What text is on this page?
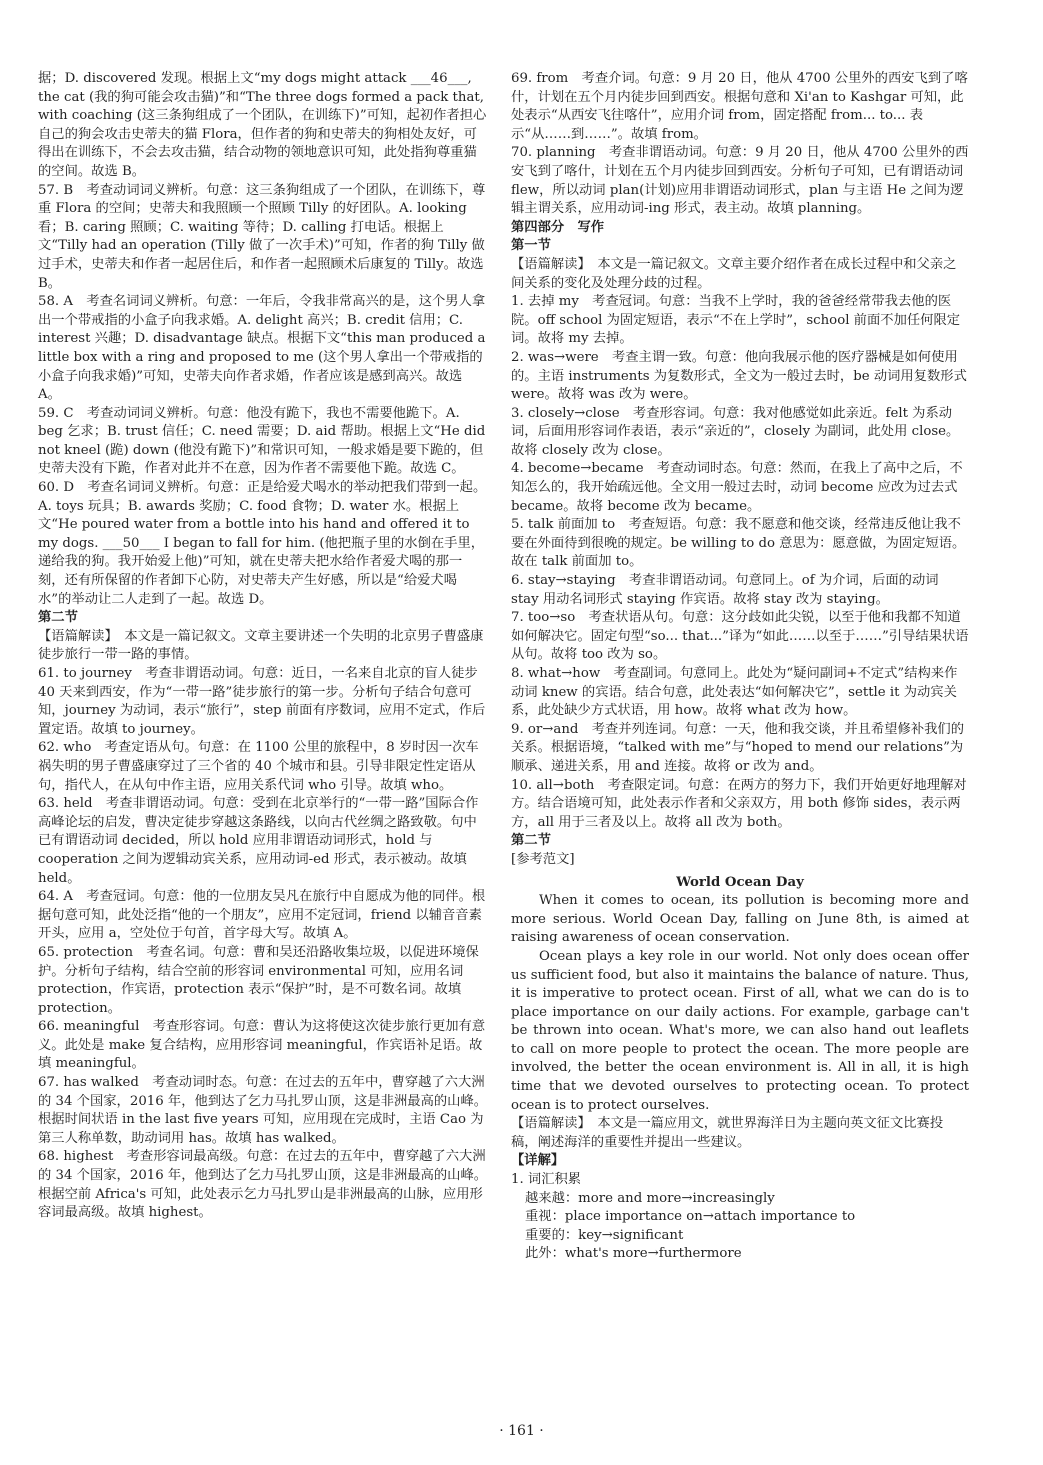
据；D. discovered 发现。根据上文“my dogs might attack ___46___, the cat (我的狗可能会攻击猫)”和“The three dogs formed a pack that, with coaching (这三条狗组成了一个团队，在训练下)”可知，起初作者担心自己的狗会攻击史蒂夫的猫 Flora，但作者的狗和史蒂夫的狗相处友好，可得出在训练下，不会去攻击猫，结合动物的领地意识可知，此处指狗尊重猫的空间。故选 B。

57. B　考查动词词义辨析。句意：这三条狗组成了一个团队，在训练下，尊重 Flora 的空间；史蒂夫和我照顾一个照顾 Tilly 的好团队。A. looking 看；B. caring 照顾；C. waiting 等待；D. calling 打电话。根据上文“Tilly had an operation (Tilly 做了一次手术)”可知，作者的狗 Tilly 做过手术，史蒂夫和作者一起居住后，和作者一起照顾术后康复的 Tilly。故选 B。

58. A　考查名词词义辨析。句意：一年后，令我非常高兴的是，这个男人拿出一个带戒指的小盒子向我求婚。A. delight 高兴；B. credit 信用；C. interest 兴趣；D. disadvantage 缺点。根据下文“this man produced a little box with a ring and proposed to me (这个男人拿出一个带戒指的小盒子向我求婚)”可知，史蒂夫向作者求婚，作者应该是感到高兴。故选 A。

59. C　考查动词词义辨析。句意：他没有跪下，我也不需要他跪下。A. beg 乞求；B. trust 信任；C. need 需要；D. aid 帮助。根据上文“He did not kneel (跪) down (他没有跪下)”和常识可知，一般求婚是要下跪的，但史蒂夫没有下跪，作者对此并不在意，因为作者不需要他下跪。故选 C。

60. D　考查名词词义辨析。句意：正是给爱犬喝水的举动把我们带到一起。A. toys 玩具；B. awards 奖励；C. food 食物；D. water 水。根据上文“He poured water from a bottle into his hand and offered it to my dogs. ___50___ I began to fall for him. (他把瓶子里的水倒在手里，递给我的狗。我开始爱上他)”可知，就在史蒂夫把水给作者爱犬喝的那一刻，还有所保留的作者卸下心防，对史蒂夫产生好感，所以是“给爱犬喝水”的举动让二人走到了一起。故选 D。

第二节

【语篇解读】　本文是一篇记叙文。文章主要讲述一个失明的北京男子曹盛康徒步旅行一带一路的事情。

61. to journey　考查非谓语动词。句意：近日，一名来自北京的盲人徒步 40 天来到西安，作为“一带一路”徒步旅行的第一步。分析句子结合句意可知，journey 为动词，表示“旅行”，step 前面有序数词，应用不定式，作后置定语。故填 to journey。

62. who　考查定语从句。句意：在 1100 公里的旅程中，8 岁时因一次车祸失明的男子曹盛康穿过了三个省的 40 个城市和县。引导非限定性定语从句，指代人，在从句中作主语，应用关系代词 who 引导。故填 who。

63. held　考查非谓语动词。句意：受到在北京举行的“一带一路”国际合作高峰论坛的启发，曹决定徒步穿越这条路线，以向古代丝绸之路致敬。句中已有谓语动词 decided，所以 hold 应用非谓语动词形式，hold 与 cooperation 之间为逻辑动宾关系，应用动词-ed 形式，表示被动。故填 held。

64. A　考查冠词。句意：他的一位朋友吴凡在旅行中自愿成为他的同伴。根据句意可知，此处泛指“他的一个朋友”，应用不定冠词，friend 以辅音音素开头，应用 a，空处位于句首，首字母大写。故填 A。

65. protection　考查名词。句意：曹和吴还沿路收集垃圾，以促进环境保护。分析句子结构，结合空前的形容词 environmental 可知，应用名词 protection，作宾语，protection 表示“保护”时，是不可数名词。故填 protection。

66. meaningful　考查形容词。句意：曹认为这将使这次徒步旅行更加有意义。此处是 make 复合结构，应用形容词 meaningful，作宾语补足语。故填 meaningful。

67. has walked　考查动词时态。句意：在过去的五年中，曹穿越了六大洲的 34 个国家，2016 年，他到达了乞力马扎罗山顶，这是非洲最高的山峰。根据时间状语 in the last five years 可知，应用现在完成时，主语 Cao 为第三人称单数，助动词用 has。故填 has walked。

68. highest　考查形容词最高级。句意：在过去的五年中，曹穿越了六大洲的 34 个国家，2016 年，他到达了乞力马扎罗山顶，这是非洲最高的山峰。根据空前 Africa's 可知，此处表示乞力马扎罗山是非洲最高的山脉，应用形容词最高级。故填 highest。

69. from　考查介词。句意：9 月 20 日，他从 4700 公里外的西安飞到了喀什，计划在五个月内徒步回到西安。根据句意和 Xi'an to Kashgar 可知，此处表示“从西安飞往喀什”，应用介词 from，固定搭配 from... to... 表示“从……到……”。故填 from。

70. planning　考查非谓语动词。句意：9 月 20 日，他从 4700 公里外的西安飞到了喀什，计划在五个月内徒步回到西安。分析句子可知，已有谓语动词 flew，所以动词 plan(计划)应用非谓语动词形式，plan 与主语 He 之间为逻辑主谓关系，应用动词-ing 形式，表主动。故填 planning。

第四部分　写作

第一节

【语篇解读】　本文是一篇记叙文。文章主要介绍作者在成长过程中和父亲之间关系的变化及处理分歧的过程。

1. 去掉 my　考查冠词。句意：当我不上学时，我的爸爸经常带我去他的医院。off school 为固定短语，表示“不在上学时”，school 前面不加任何限定词。故将 my 去掉。

2. was→were　考查主谓一致。句意：他向我展示他的医疗器械是如何使用的。主语 instruments 为复数形式，全文为一般过去时，be 动词用复数形式 were。故将 was 改为 were。

3. closely→close　考查形容词。句意：我对他感觉如此亲近。felt 为系动词，后面用形容词作表语，表示“亲近的”，closely 为副词，此处用 close。故将 closely 改为 close。

4. become→became　考查动词时态。句意：然而，在我上了高中之后，不知怎么的，我开始疏远他。全文用一般过去时，动词 become 应改为过去式 became。故将 become 改为 became。

5. talk 前面加 to　考查短语。句意：我不愿意和他交谈，经常违反他让我不要在外面待到很晚的规定。be willing to do 意思为：愿意做，为固定短语。故在 talk 前面加 to。

6. stay→staying　考查非谓语动词。句意同上。of 为介词，后面的动词 stay 用动名词形式 staying 作宾语。故将 stay 改为 staying。

7. too→so　考查状语从句。句意：这分歧如此尖锐，以至于他和我都不知道如何解决它。固定句型“so... that...”译为“如此……以至于……”引导结果状语从句。故将 too 改为 so。

8. what→how　考查副词。句意同上。此处为“疑问副词+不定式”结构来作动词 knew 的宾语。结合句意，此处表达“如何解决它”，settle it 为动宾关系，此处缺少方式状语，用 how。故将 what 改为 how。

9. or→and　考查并列连词。句意：一天，他和我交谈，并且希望修补我们的关系。根据语境，“talked with me”与“hoped to mend our relations”为顺承、递进关系，用 and 连接。故将 or 改为 and。

10. all→both　考查限定词。句意：在两方的努力下，我们开始更好地理解对方。结合语境可知，此处表示作者和父亲双方，用 both 修饰 sides，表示两方，all 用于三者及以上。故将 all 改为 both。

第二节

[参考范文]

World Ocean Day

When it comes to ocean, its pollution is becoming more and more serious. World Ocean Day, falling on June 8th, is aimed at raising awareness of ocean conservation.

Ocean plays a key role in our world. Not only does ocean offer us sufficient food, but also it maintains the balance of nature. Thus, it is imperative to protect ocean. First of all, what we can do is to place importance on our daily actions. For example, garbage can't be thrown into ocean. What's more, we can also hand out leaflets to call on more people to protect the ocean. The more people are involved, the better the ocean environment is. All in all, it is high time that we devoted ourselves to protecting ocean. To protect ocean is to protect ourselves.

【语篇解读】　本文是一篇应用文，就世界海洋日为主题向英文征文比赛投稿，阐述海洋的重要性并提出一些建议。

【详解】

1. 词汇积累

越来越：more and more→increasingly

重视：place importance on→attach importance to

重要的：key→significant

此外：what's more→furthermore

· 161 ·
